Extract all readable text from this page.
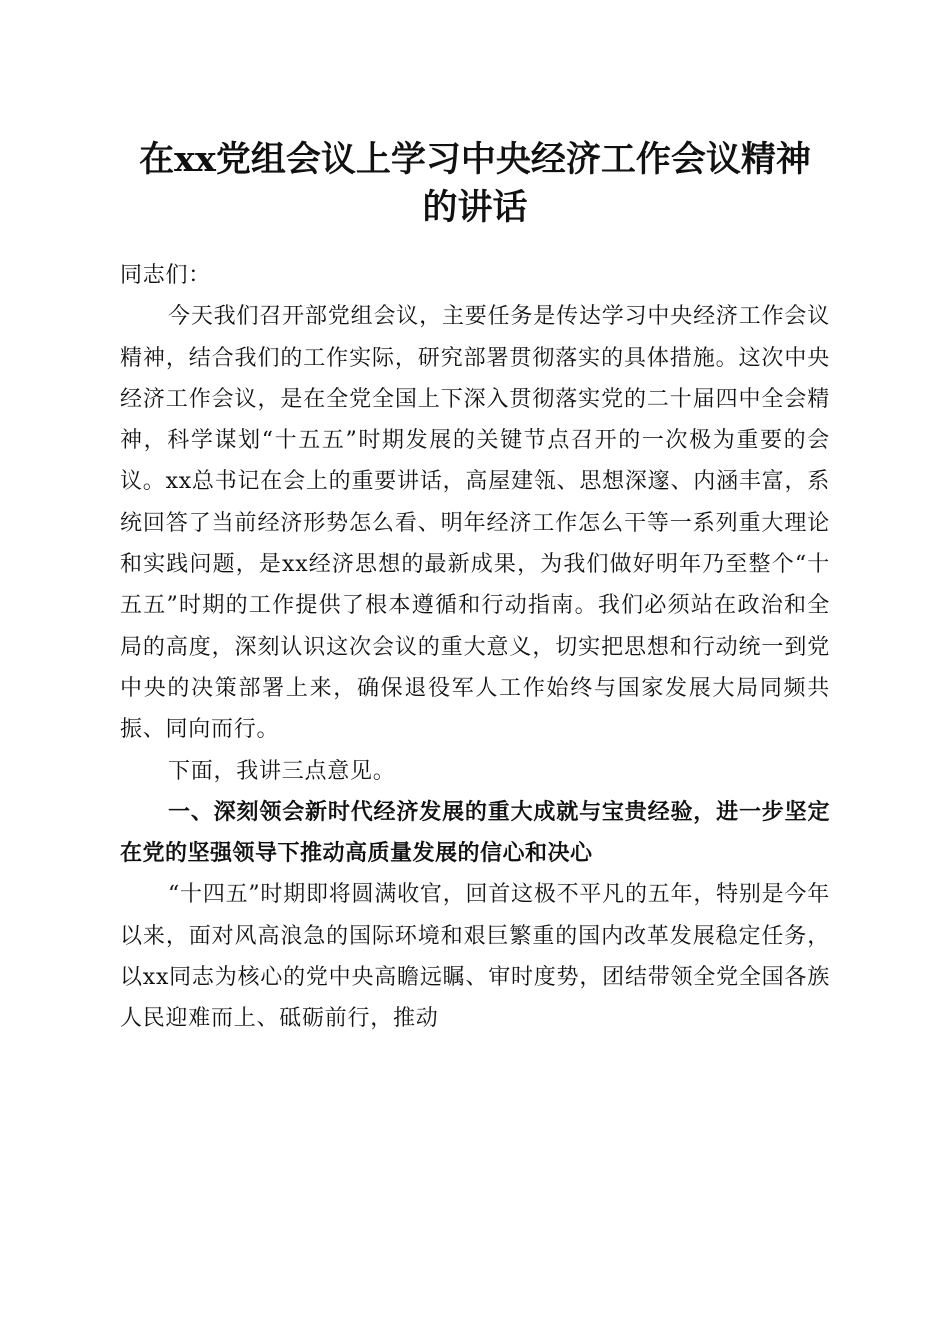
在xx党组会议上学习中央经济工作会议精神
的讲话

同志们：

今天我们召开部党组会议，主要任务是传达学习中央经济工作会议精神，结合我们的工作实际，研究部署贯彻落实的具体措施。这次中央经济工作会议，是在全党全国上下深入贯彻落实党的二十届四中全会精神，科学谋划“十五五”时期发展的关键节点召开的一次极为重要的会议。xx总书记在会上的重要讲话，高屋建瓴、思想深邃、内涵丰富，系统回答了当前经济形势怎么看、明年经济工作怎么干等一系列重大理论和实践问题，是xx经济思想的最新成果，为我们做好明年乃至整个“十五五”时期的工作提供了根本遵循和行动指南。我们必须站在政治和全局的高度，深刻认识这次会议的重大意义，切实把思想和行动统一到党中央的决策部署上来，确保退役军人工作始终与国家发展大局同频共振、同向而行。

下面，我讲三点意见。

一、深刻领会新时代经济发展的重大成就与宝贵经验，进一步坚定在党的坚强领导下推动高质量发展的信心和决心

“十四五”时期即将圆满收官，回首这极不平凡的五年，特别是今年以来，面对风高浪急的国际环境和艰巨繁重的国内改革发展稳定任务，以xx同志为核心的党中央高瞻远瞩、审时度势，团结带领全党全国各族人民迎难而上、砥砺前行，推动
